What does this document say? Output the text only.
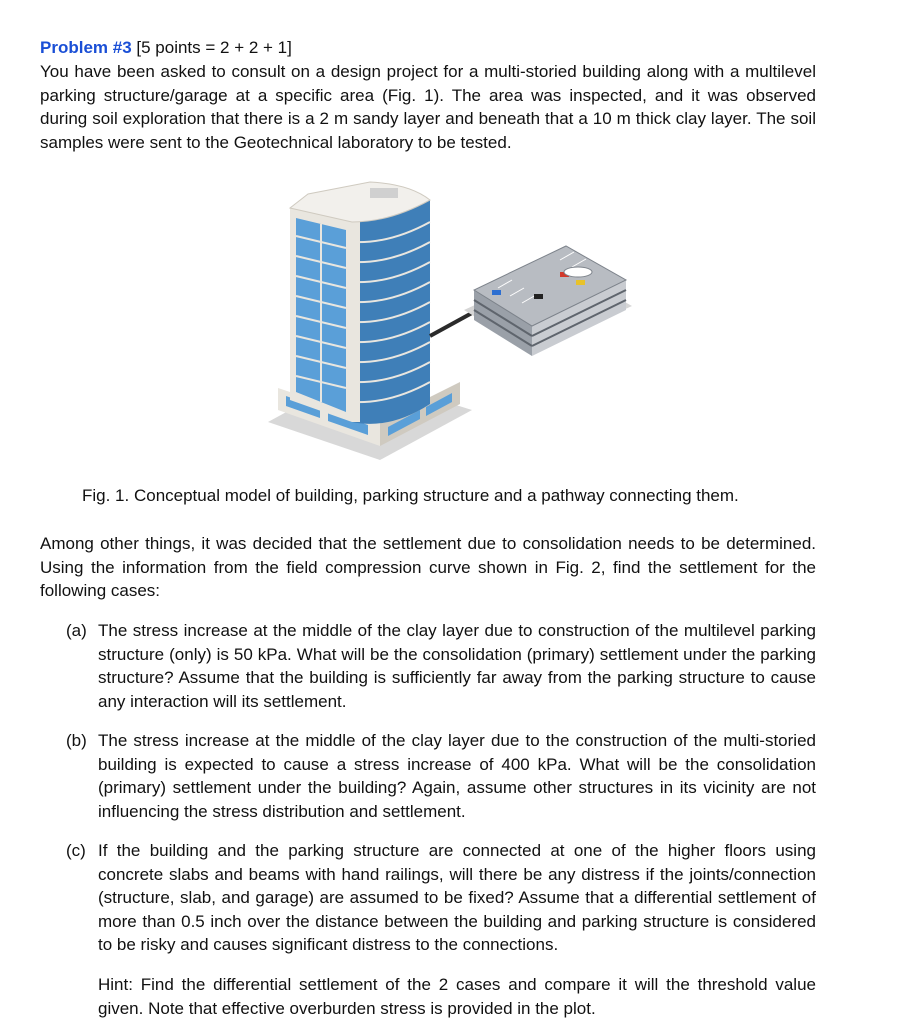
Problem #3 [5 points = 2 + 2 + 1]

You have been asked to consult on a design project for a multi-storied building along with a multilevel parking structure/garage at a specific area (Fig. 1). The area was inspected, and it was observed during soil exploration that there is a 2 m sandy layer and beneath that a 10 m thick clay layer. The soil samples were sent to the Geotechnical laboratory to be tested.

Fig. 1. Conceptual model of building, parking structure and a pathway connecting them.

Among other things, it was decided that the settlement due to consolidation needs to be determined. Using the information from the field compression curve shown in Fig. 2, find the settlement for the following cases:

(a) The stress increase at the middle of the clay layer due to construction of the multilevel parking structure (only) is 50 kPa. What will be the consolidation (primary) settlement under the parking structure? Assume that the building is sufficiently far away from the parking structure to cause any interaction will its settlement.
(b) The stress increase at the middle of the clay layer due to the construction of the multi-storied building is expected to cause a stress increase of 400 kPa. What will be the consolidation (primary) settlement under the building? Again, assume other structures in its vicinity are not influencing the stress distribution and settlement.
(c) If the building and the parking structure are connected at one of the higher floors using concrete slabs and beams with hand railings, will there be any distress if the joints/connection (structure, slab, and garage) are assumed to be fixed? Assume that a differential settlement of more than 0.5 inch over the distance between the building and parking structure is considered to be risky and causes significant distress to the connections.

Hint: Find the differential settlement of the 2 cases and compare it will the threshold value given. Note that effective overburden stress is provided in the plot.
